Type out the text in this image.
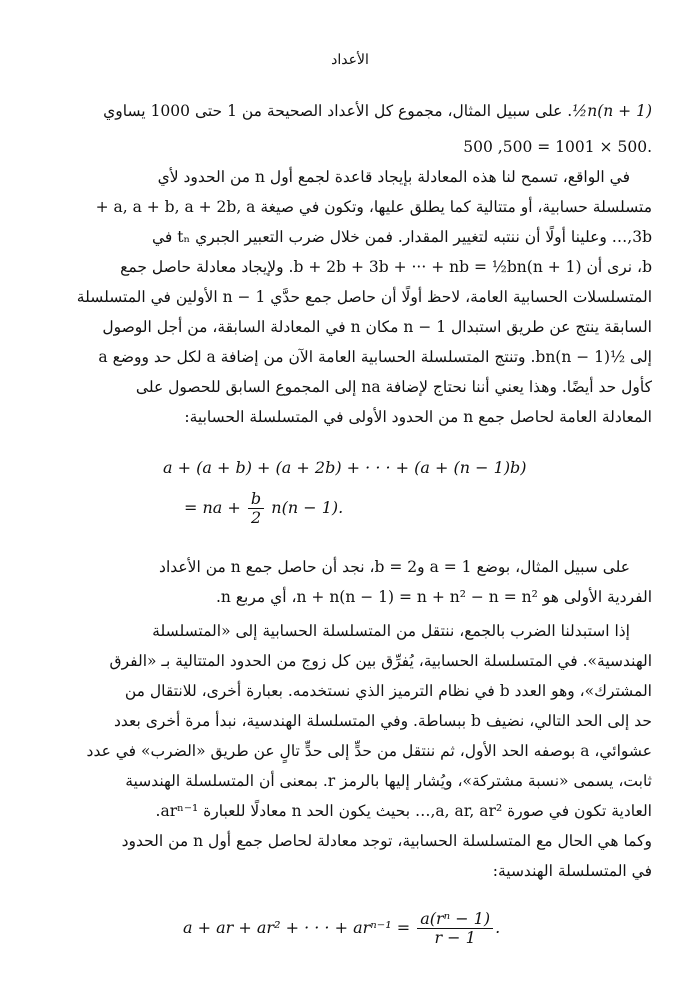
الأعداد

½n(n + 1). على سبيل المثال، مجموع كل الأعداد الصحيحة من 1 حتى 1000 يساوي

.500 × 1001 = 500, 500

في الواقع، تسمح لنا هذه المعادلة بإيجاد قاعدة لجمع أول n من الحدود لأي
متسلسلة حسابية، أو متتالية كما يطلق عليها، وتكون في صيغة a, a + b, a + 2b, a +
3b,… وعلينا أولًا أن ننتبه لتغيير المقدار. فمن خلال ضرب التعبير الجبري tₙ في
b، نرى أن b + 2b + 3b + ··· + nb = ½bn(n + 1). ولإيجاد معادلة حاصل جمع
المتسلسلات الحسابية العامة، لاحظ أولًا أن حاصل جمع حدَّي n − 1 الأولين في المتسلسلة
السابقة ينتج عن طريق استبدال n − 1 مكان n في المعادلة السابقة، من أجل الوصول
إلى ½bn(n − 1). وتنتج المتسلسلة الحسابية العامة الآن من إضافة a لكل حد ووضع a
كأول حد أيضًا. وهذا يعني أننا نحتاج لإضافة na إلى المجموع السابق للحصول على
المعادلة العامة لحاصل جمع n من الحدود الأولى في المتسلسلة الحسابية:
a + (a + b) + (a + 2b) + · · · + (a + (n − 1)b)
= na + $\frac{b}{2} n(n - 1)$.
على سبيل المثال، بوضع a = 1 وb = 2، نجد أن حاصل جمع n من الأعداد
الفردية الأولى هو n + n(n − 1) = n + n² − n = n²، أي مربع n.
إذا استبدلنا الضرب بالجمع، ننتقل من المتسلسلة الحسابية إلى «المتسلسلة
الهندسية». في المتسلسلة الحسابية، يُفرِّق بين كل زوج من الحدود المتتالية بـ «الفرق
المشترك»، وهو العدد b في نظام الترميز الذي نستخدمه. بعبارة أخرى، للانتقال من
حد إلى الحد التالي، نضيف b ببساطة. وفي المتسلسلة الهندسية، نبدأ مرة أخرى بعدد
عشوائي، a بوصفه الحد الأول، ثم ننتقل من حدٍّ إلى حدٍّ تالٍ عن طريق «الضرب» في عدد
ثابت، يسمى «نسبة مشتركة»، ويُشار إليها بالرمز r. بمعنى أن المتسلسلة الهندسية
العادية تكون في صورة a, ar, ar²,… بحيث يكون الحد n معادلًا للعبارة arⁿ⁻¹.
وكما هي الحال مع المتسلسلة الحسابية، توجد معادلة لحاصل جمع أول n من الحدود
في المتسلسلة الهندسية:
a + ar + ar² + · · · + $ar^{n-1} = \frac{\text{a(rⁿ − 1)}}{r - 1}$ .
